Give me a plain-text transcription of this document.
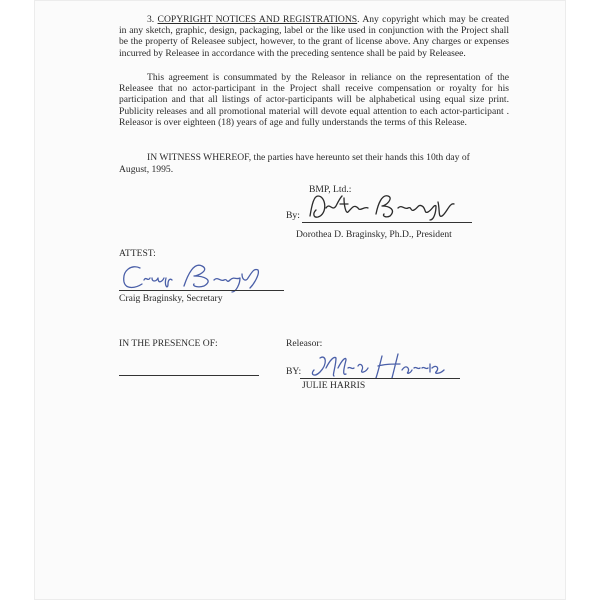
3. COPYRIGHT NOTICES AND REGISTRATIONS. Any copyright which may be created in any sketch, graphic, design, packaging, label or the like used in conjunction with the Project shall be the property of Releasee subject, however, to the grant of license above. Any charges or expenses incurred by Releasee in accordance with the preceding sentence shall be paid by Releasee.
This agreement is consummated by the Releasor in reliance on the representation of the Releasee that no actor-participant in the Project shall receive compensation or royalty for his participation and that all listings of actor-participants will be alphabetical using equal size print. Publicity releases and all promotional material will devote equal attention to each actor-participant . Releasor is over eighteen (18) years of age and fully understands the terms of this Release.
IN WITNESS WHEREOF, the parties have hereunto set their hands this 10th day of
August, 1995.
BMP, Ltd.:
By:
Dorothea D. Braginsky, Ph.D., President
ATTEST:
Craig Braginsky, Secretary
IN THE PRESENCE OF:	Releasor:
BY:
JULIE HARRIS
